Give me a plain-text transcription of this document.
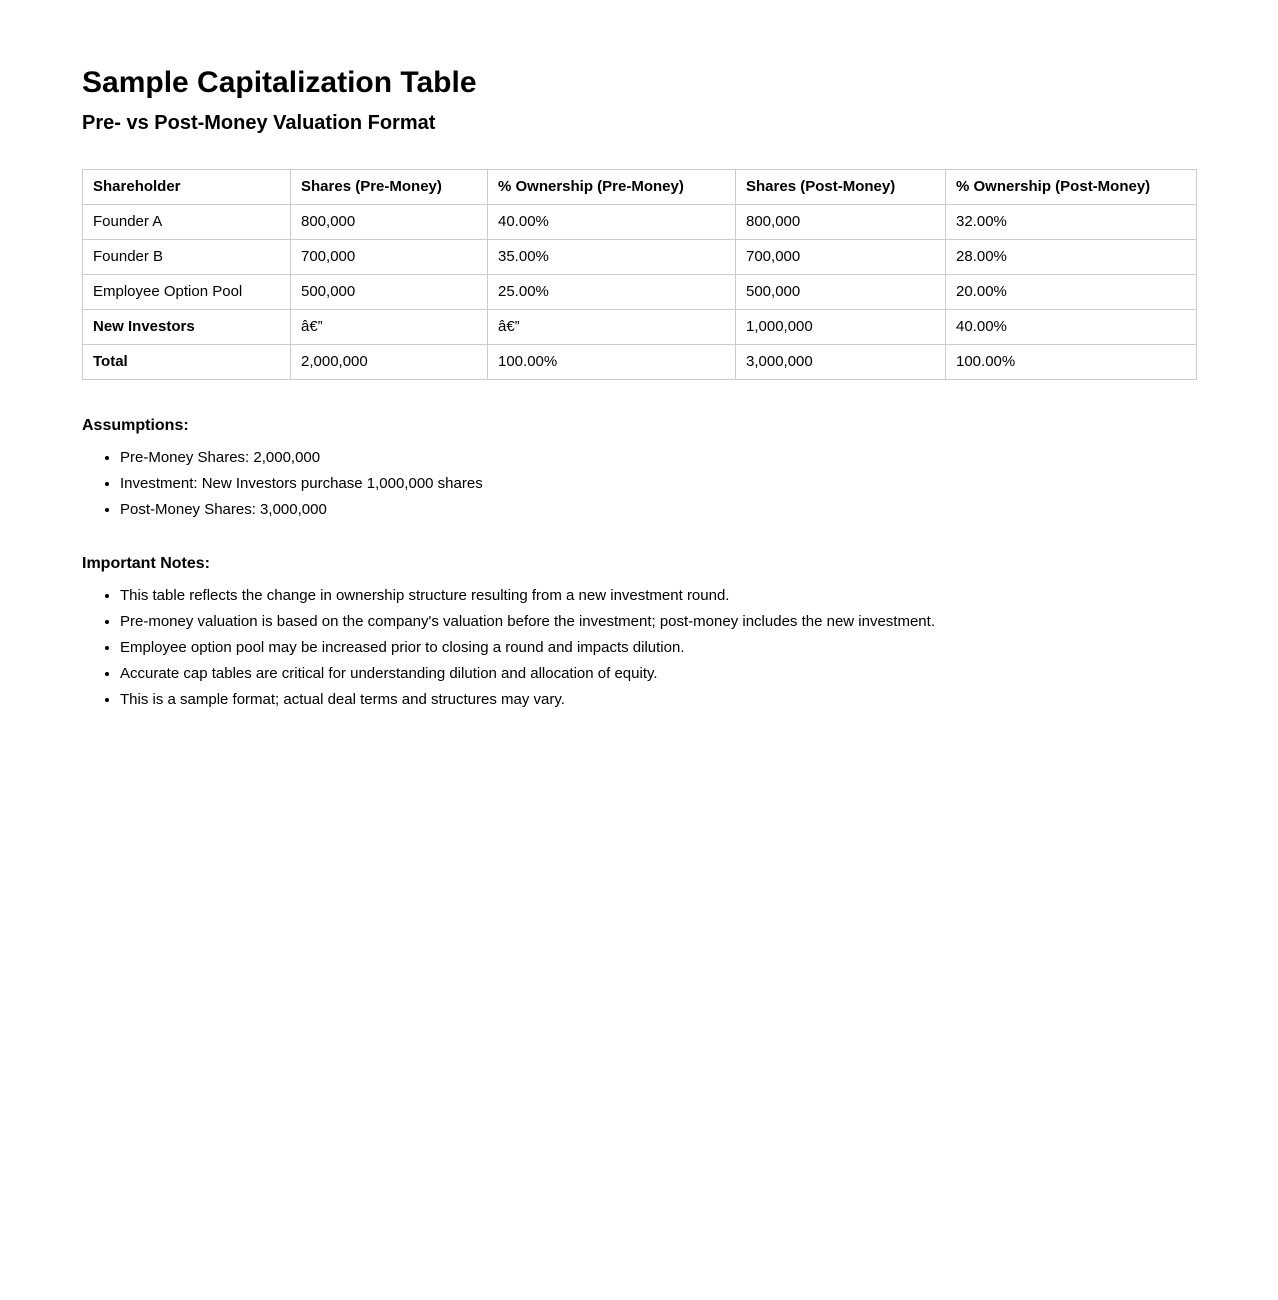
Sample Capitalization Table
Pre- vs Post-Money Valuation Format
Shareholder	Shares (Pre-Money)	% Ownership (Pre-Money)	Shares (Post-Money)	% Ownership (Post-Money)
Founder A	800,000	40.00%	800,000	32.00%
Founder B	700,000	35.00%	700,000	28.00%
Employee Option Pool	500,000	25.00%	500,000	20.00%
New Investors	â€”	â€”	1,000,000	40.00%
Total	2,000,000	100.00%	3,000,000	100.00%
Assumptions:
• Pre-Money Shares: 2,000,000
• Investment: New Investors purchase 1,000,000 shares
• Post-Money Shares: 3,000,000
Important Notes:
• This table reflects the change in ownership structure resulting from a new investment round.
• Pre-money valuation is based on the company's valuation before the investment; post-money includes the new investment.
• Employee option pool may be increased prior to closing a round and impacts dilution.
• Accurate cap tables are critical for understanding dilution and allocation of equity.
• This is a sample format; actual deal terms and structures may vary.
